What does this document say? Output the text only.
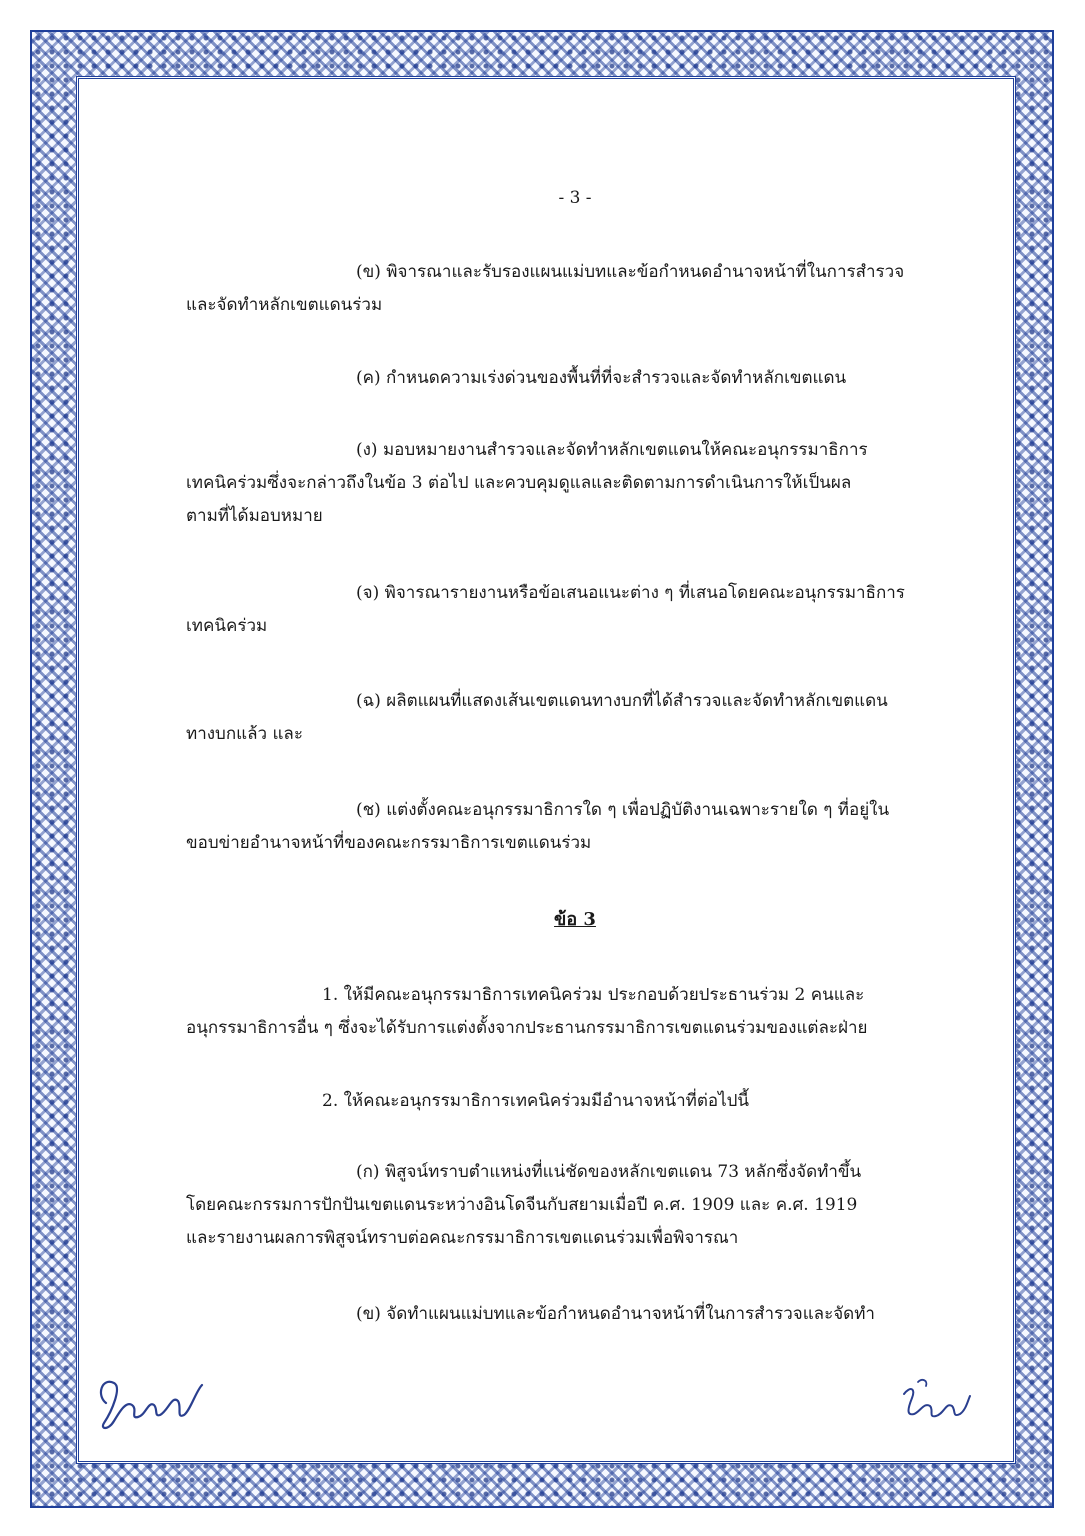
- 3 -
(ข) พิจารณาและรับรองแผนแม่บทและข้อกำหนดอำนาจหน้าที่ในการสำรวจ
และจัดทำหลักเขตแดนร่วม
(ค) กำหนดความเร่งด่วนของพื้นที่ที่จะสำรวจและจัดทำหลักเขตแดน
(ง) มอบหมายงานสำรวจและจัดทำหลักเขตแดนให้คณะอนุกรรมาธิการ
เทคนิคร่วมซึ่งจะกล่าวถึงในข้อ 3 ต่อไป และควบคุมดูแลและติดตามการดำเนินการให้เป็นผล
ตามที่ได้มอบหมาย
(จ) พิจารณารายงานหรือข้อเสนอแนะต่าง ๆ ที่เสนอโดยคณะอนุกรรมาธิการ
เทคนิคร่วม
(ฉ) ผลิตแผนที่แสดงเส้นเขตแดนทางบกที่ได้สำรวจและจัดทำหลักเขตแดน
ทางบกแล้ว และ
(ช) แต่งตั้งคณะอนุกรรมาธิการใด ๆ เพื่อปฏิบัติงานเฉพาะรายใด ๆ ที่อยู่ใน
ขอบข่ายอำนาจหน้าที่ของคณะกรรมาธิการเขตแดนร่วม
ข้อ 3
1. ให้มีคณะอนุกรรมาธิการเทคนิคร่วม ประกอบด้วยประธานร่วม 2 คนและ
อนุกรรมาธิการอื่น ๆ ซึ่งจะได้รับการแต่งตั้งจากประธานกรรมาธิการเขตแดนร่วมของแต่ละฝ่าย
2. ให้คณะอนุกรรมาธิการเทคนิคร่วมมีอำนาจหน้าที่ต่อไปนี้
(ก) พิสูจน์ทราบตำแหน่งที่แน่ชัดของหลักเขตแดน 73 หลักซึ่งจัดทำขึ้น
โดยคณะกรรมการปักปันเขตแดนระหว่างอินโดจีนกับสยามเมื่อปี ค.ศ. 1909 และ ค.ศ. 1919
และรายงานผลการพิสูจน์ทราบต่อคณะกรรมาธิการเขตแดนร่วมเพื่อพิจารณา
(ข) จัดทำแผนแม่บทและข้อกำหนดอำนาจหน้าที่ในการสำรวจและจัดทำ
